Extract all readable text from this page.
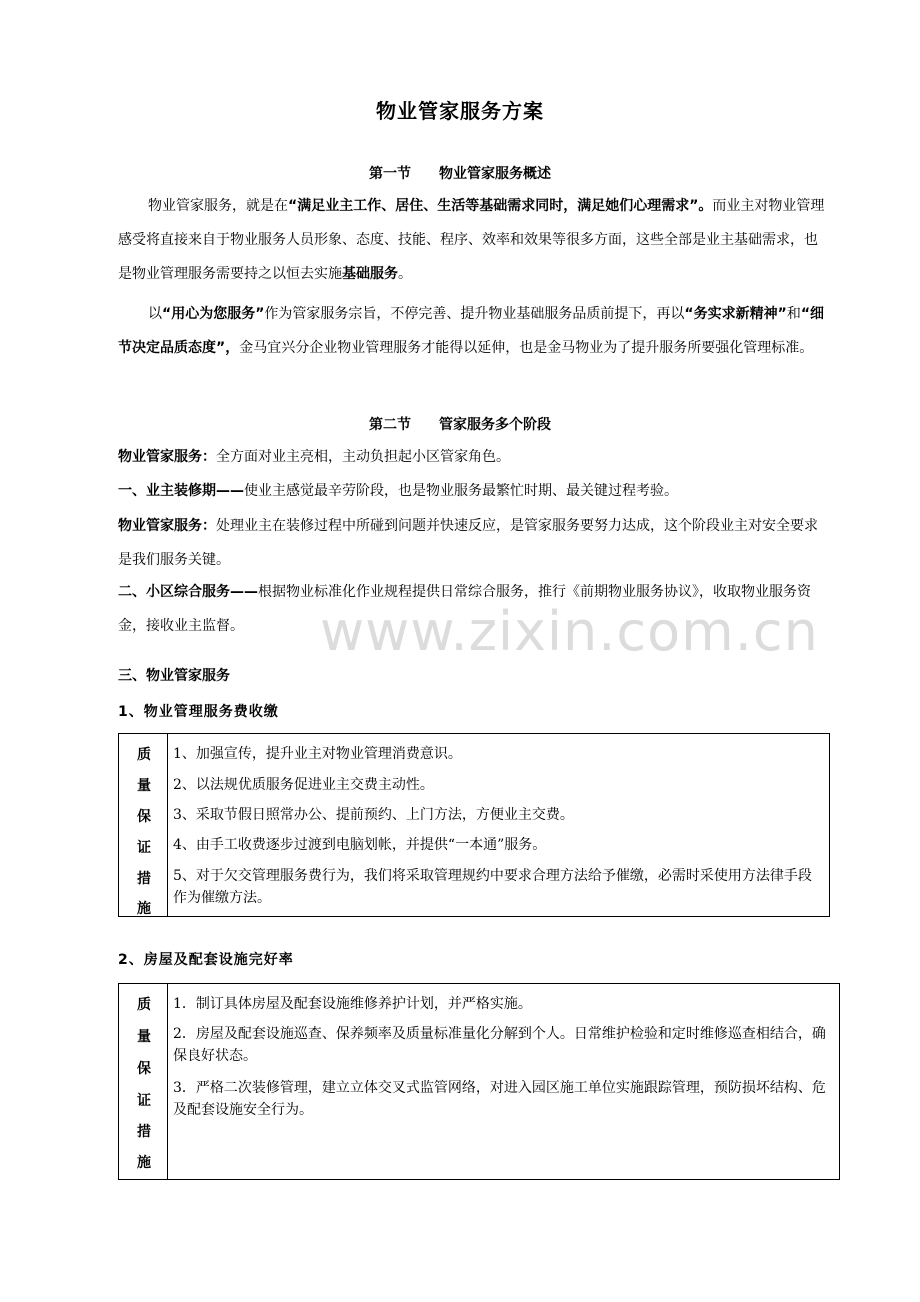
物业管家服务方案
第一节 物业管家服务概述
物业管家服务，就是在“满足业主工作、居住、生活等基础需求同时，满足她们心理需求”。而业主对物业管理感受将直接来自于物业服务人员形象、态度、技能、程序、效率和效果等很多方面，这些全部是业主基础需求，也是物业管理服务需要持之以恒去实施基础服务。
以“用心为您服务”作为管家服务宗旨，不停完善、提升物业基础服务品质前提下，再以“务实求新精神”和“细节决定品质态度”，金马宜兴分企业物业管理服务才能得以延伸，也是金马物业为了提升服务所要强化管理标准。
第二节 管家服务多个阶段
物业管家服务：全方面对业主亮相，主动负担起小区管家角色。
一、业主装修期——使业主感觉最辛劳阶段，也是物业服务最繁忙时期、最关键过程考验。
物业管家服务：处理业主在装修过程中所碰到问题并快速反应，是管家服务要努力达成，这个阶段业主对安全要求是我们服务关键。
二、小区综合服务——根据物业标准化作业规程提供日常综合服务，推行《前期物业服务协议》，收取物业服务资金，接收业主监督。
三、物业管家服务
1、物业管理服务费收缴
质
量
保
证
措
施
1、加强宣传，提升业主对物业管理消费意识。
2、以法规优质服务促进业主交费主动性。
3、采取节假日照常办公、提前预约、上门方法，方便业主交费。
4、由手工收费逐步过渡到电脑划帐，并提供“一本通”服务。
5、对于欠交管理服务费行为，我们将采取管理规约中要求合理方法给予催缴，必需时采使用方法律手段作为催缴方法。
2、房屋及配套设施完好率
质
量
保
证
措
施
1．制订具体房屋及配套设施维修养护计划，并严格实施。
2．房屋及配套设施巡查、保养频率及质量标准量化分解到个人。日常维护检验和定时维修巡查相结合，确保良好状态。
3．严格二次装修管理，建立立体交叉式监管网络，对进入园区施工单位实施跟踪管理，预防损坏结构、危及配套设施安全行为。
www.zixin.com.cn
